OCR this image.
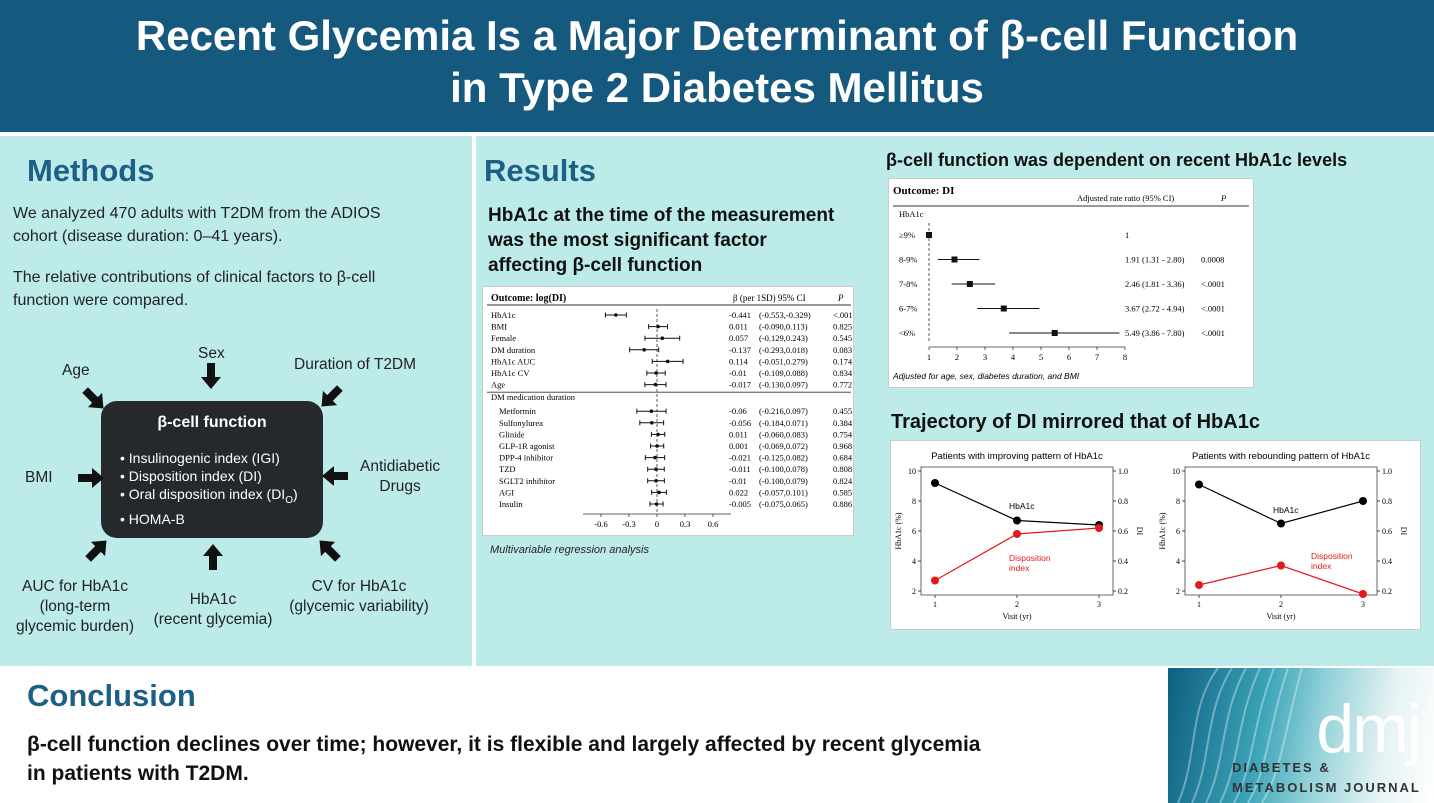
Recent Glycemia Is a Major Determinant of β-cell Function
in Type 2 Diabetes Mellitus
Methods
We analyzed 470 adults with T2DM from the ADIOS
cohort (disease duration: 0–41 years).
The relative contributions of clinical factors to β-cell
function were compared.
β-cell function
• Insulinogenic index (IGI)
• Disposition index (DI)
• Oral disposition index $(DI_O)$
• HOMA-B
Age
Sex
Duration of T2DM
BMI
Antidiabetic
Drugs
AUC for HbA1c
(long-term
glycemic burden)
HbA1c
(recent glycemia)
CV for HbA1c
(glycemic variability)
Results
HbA1c at the time of the measurement
was the most significant factor
affecting β-cell function
Outcome: log(DI)	β (per 1SD) 95% CI	P
DM medication duration
HbA1c	-0.441 (-0.553,-0.329)	<.001
BMI	0.011 (-0.090,0.113)	0.825
Female	0.057 (-0.129,0.243)	0.545
DM duration	-0.137 (-0.293,0.018)	0.083
HbA1c AUC	0.114 (-0.051,0.279)	0.174
HbA1c CV	-0.01 (-0.109,0.088)	0.834
Age	-0.017 (-0.130,0.097)	0.772
Metformin	-0.06 (-0.216,0.097)	0.455
Sulfonylurea	-0.056 (-0.184,0.071)	0.384
Glinide	0.011 (-0.060,0.083)	0.754
GLP-1R agonist	0.001 (-0.069,0.072)	0.968
DPP-4 inhibitor	-0.021 (-0.125,0.082)	0.684
TZD	-0.011 (-0.100,0.078)	0.808
SGLT2 inhibitor	-0.01 (-0.100,0.079)	0.824
AGI	0.022 (-0.057,0.101)	0.585
Insulin	-0.005 (-0.075,0.065)	0.886
-0.6 -0.3 0 0.3 0.6
Multivariable regression analysis
β-cell function was dependent on recent HbA1c levels
Outcome: DI
Adjusted rate ratio (95% CI)	P
HbA1c
≥9%	1
8-9%	1.91 (1.31 - 2.80) 0.0008
7-8%	2.46 (1.81 - 3.36) <.0001
6-7%	3.67 (2.72 - 4.94) <.0001
<6%	5.49 (3.86 - 7.80) <.0001
1	2	3	4	5	6	7	8
Adjusted for age, sex, diabetes duration, and BMI
Trajectory of DI mirrored that of HbA1c
Patients with improving pattern of HbA1c
2
4
6
8
10
0.2
0.4
0.6
0.8
1.0
1	2	3
Visit (yr)
HbA1c (%)	DI
HbA1c
Disposition
index
Patients with rebounding pattern of HbA1c
2
4
6
8
10
0.2
0.4
0.6
0.8
1.0
1	2	3
Visit (yr)
HbA1c (%)	DI
HbA1c
Disposition
index
Conclusion
β-cell function declines over time; however, it is flexible and largely affected by recent glycemia
in patients with T2DM.
dmj
DIABETES &
METABOLISM JOURNAL
